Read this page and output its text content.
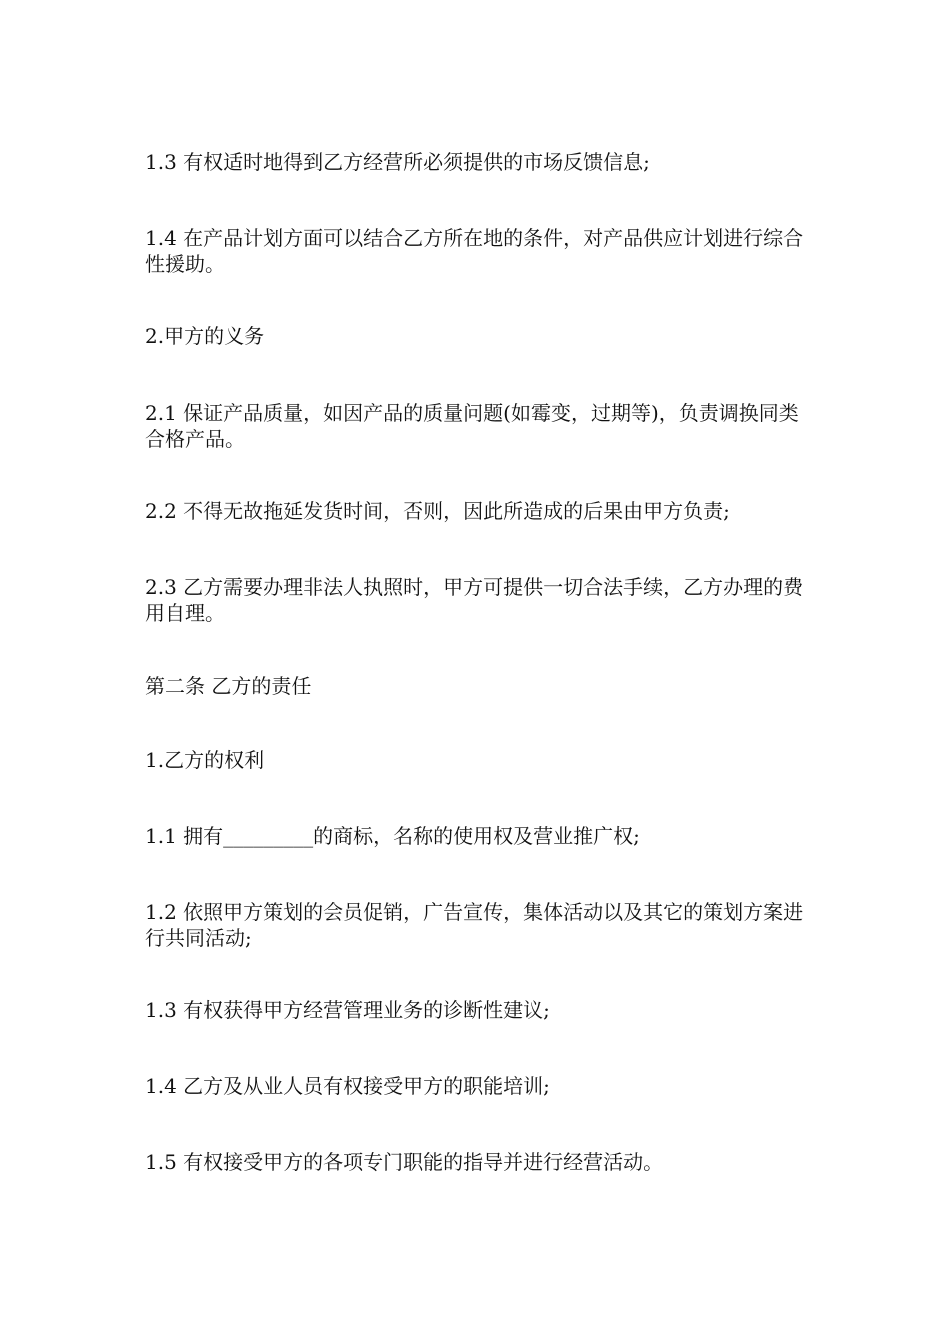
1.3 有权适时地得到乙方经营所必须提供的市场反馈信息;

1.4 在产品计划方面可以结合乙方所在地的条件，对产品供应计划进行综合性援助。

2.甲方的义务

2.1 保证产品质量，如因产品的质量问题(如霉变，过期等)，负责调换同类合格产品。

2.2 不得无故拖延发货时间，否则，因此所造成的后果由甲方负责;

2.3 乙方需要办理非法人执照时，甲方可提供一切合法手续，乙方办理的费用自理。

第二条 乙方的责任

1.乙方的权利

1.1 拥有_________的商标，名称的使用权及营业推广权;

1.2 依照甲方策划的会员促销，广告宣传，集体活动以及其它的策划方案进行共同活动;

1.3 有权获得甲方经营管理业务的诊断性建议;

1.4 乙方及从业人员有权接受甲方的职能培训;

1.5 有权接受甲方的各项专门职能的指导并进行经营活动。
